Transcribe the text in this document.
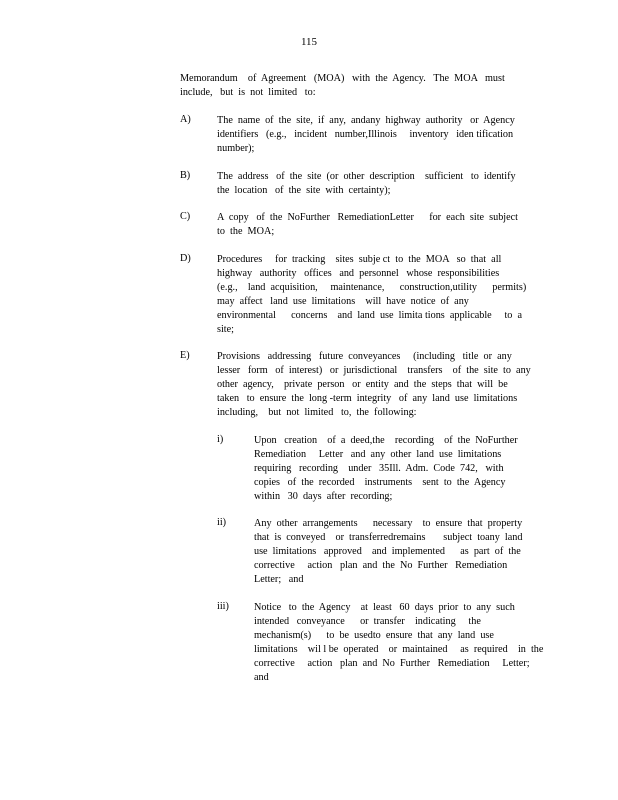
115
Memorandum    of  Agreement   (MOA)   with  the  Agency.   The  MOA   must
include,   but  is  not  limited   to:
A)	The  name  of  the  site,  if  any,  andany  highway  authority   or  Agency
identifiers   (e.g.,   incident   number,Illinois     inventory   iden tification
number);
B)	The  address   of  the  site  (or  other  description    sufficient   to  identify
the  location   of  the  site  with  certainty);
C)	A  copy   of  the  NoFurther   RemediationLetter      for  each  site  subject
to  the  MOA;
D)	Procedures     for  tracking    sites  subje ct  to  the  MOA   so  that  all
highway   authority   offices   and  personnel   whose  responsibilities
(e.g.,    land  acquisition,     maintenance,      construction,utility      permits)
may  affect   land  use  limitations    will  have  notice  of  any
environmental      concerns    and  land  use  limita tions  applicable     to  a
site;
E)	Provisions   addressing   future  conveyances     (including   title  or  any
lesser   form   of  interest)   or  jurisdictional    transfers    of  the  site  to  any
other  agency,    private  person   or  entity  and  the  steps  that  will  be
taken   to  ensure  the  long -term  integrity   of  any  land  use  limitations
including,    but  not  limited   to,  the  following:
i)	Upon   creation    of  a  deed,the    recording    of  the  NoFurther
Remediation     Letter   and  any  other  land  use  limitations
requiring   recording    under   35Ill.  Adm.  Code  742,   with
copies   of  the  recorded    instruments    sent  to  the  Agency
within   30  days  after  recording;
ii)	Any  other  arrangements      necessary    to  ensure  that  property
that  is  conveyed    or  transferredremains       subject  toany  land
use  limitations   approved    and  implemented      as  part  of  the
corrective     action   plan  and  the  No  Further   Remediation
Letter;   and
iii) Notice   to  the  Agency    at  least   60  days  prior  to  any  such
intended   conveyance      or  transfer    indicating     the
mechanism(s)      to  be  usedto  ensure  that  any  land  use
limitations    wil l be  operated    or  maintained     as  required    in  the
corrective     action   plan  and  No  Further   Remediation     Letter;
and
